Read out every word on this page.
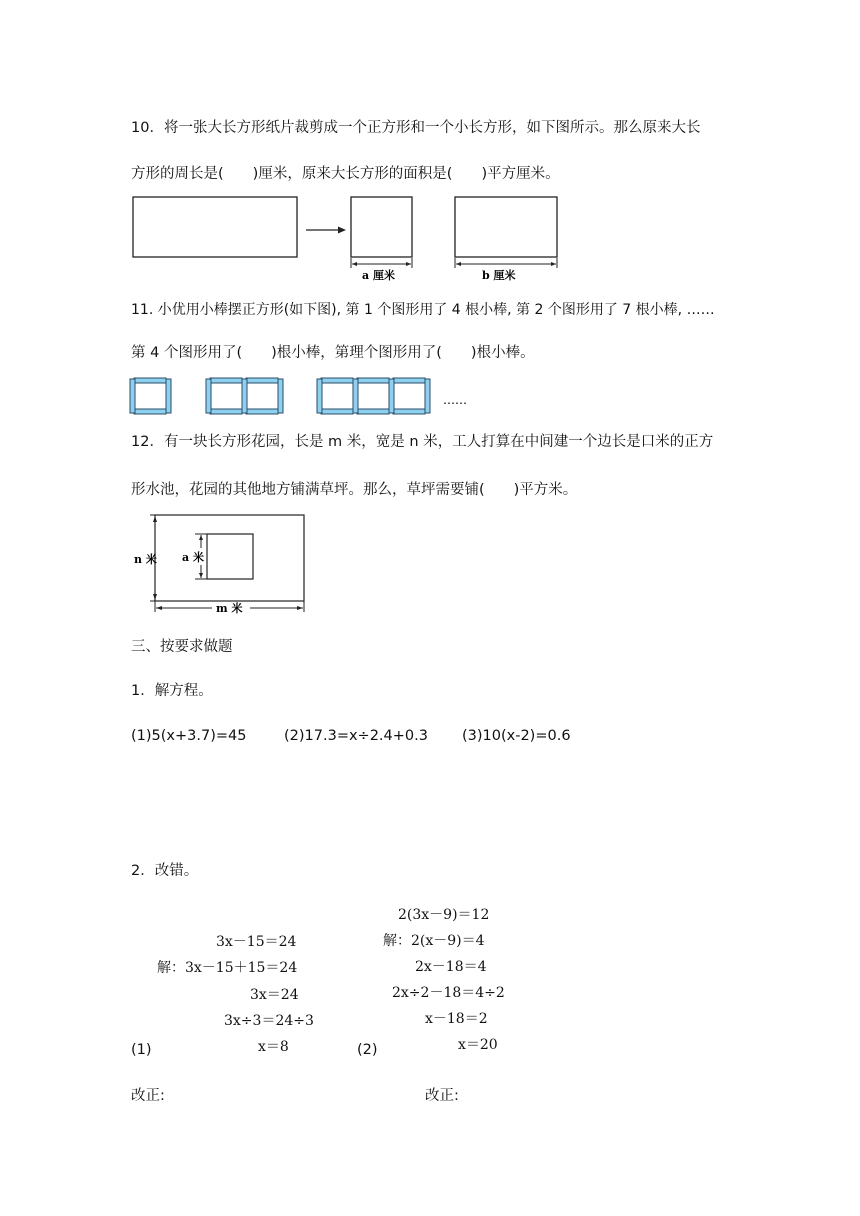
10．将一张大长方形纸片裁剪成一个正方形和一个小长方形，如下图所示。那么原来大长
方形的周长是(　　)厘米，原来大长方形的面积是(　　)平方厘米。
a 厘米	b 厘米
11. 小优用小棒摆正方形(如下图), 第 1 个图形用了 4 根小棒, 第 2 个图形用了 7 根小棒, ……
第 4 个图形用了(　　)根小棒，第理个图形用了(　　)根小棒。
……
12．有一块长方形花园，长是 m 米，宽是 n 米，工人打算在中间建一个边长是口米的正方
形水池，花园的其他地方铺满草坪。那么，草坪需要铺(　　)平方米。
n 米 a 米
m 米
三、按要求做题
1．解方程。
(1)5(x+3.7)=45	(2)17.3=x÷2.4+0.3 (3)10(x-2)=0.6
2．改错。
3x－15＝24
解：3x－15＋15＝24
3x＝24
3x÷3＝24÷3
x＝8
(1)
2(3x－9)＝12
解：2(x－9)＝4
2x－18＝4
2x÷2－18＝4÷2
x－18＝2
x＝20
(2)
改正:	改正:
